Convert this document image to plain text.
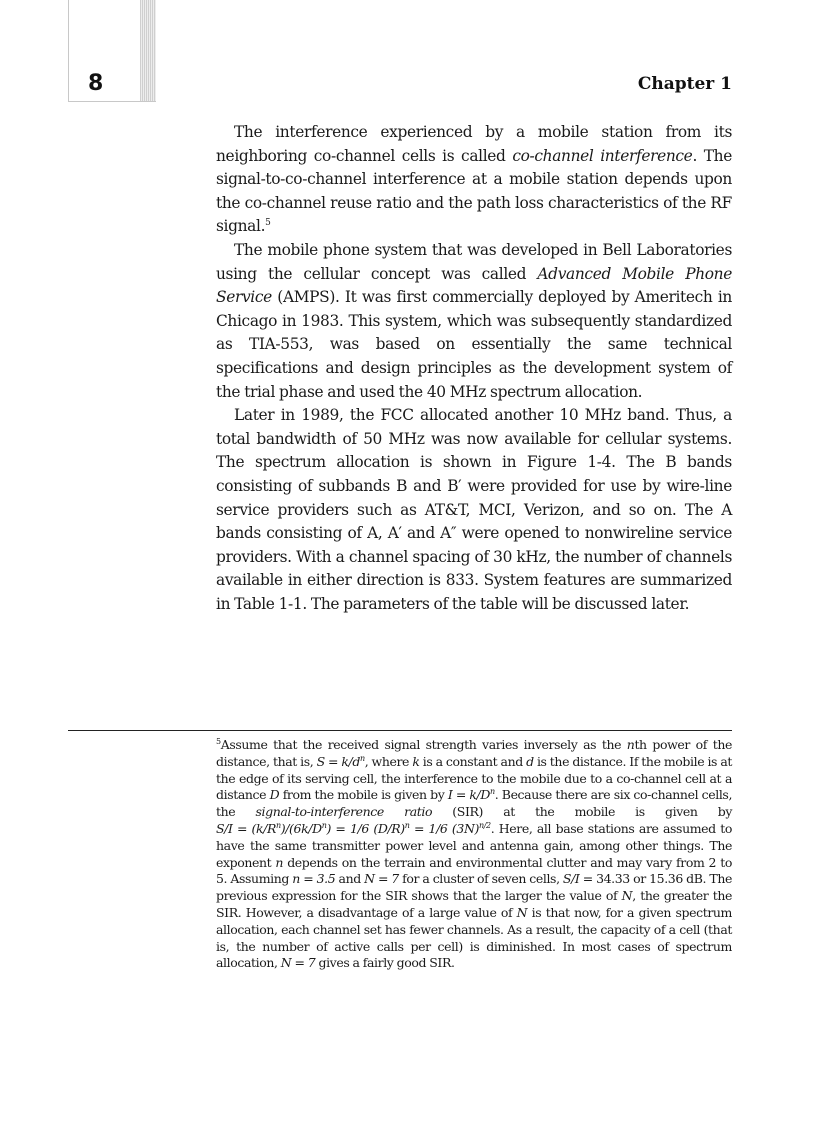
8	Chapter 1

The interference experienced by a mobile station from its neighboring co-channel cells is called co-channel interference. The signal-to-co-channel interference at a mobile station depends upon the co-channel reuse ratio and the path loss characteristics of the RF signal.$^5$

The mobile phone system that was developed in Bell Laboratories using the cellular concept was called Advanced Mobile Phone Service (AMPS). It was first commercially deployed by Ameritech in Chicago in 1983. This system, which was subsequently standardized as TIA-553, was based on essentially the same technical specifications and design principles as the development system of the trial phase and used the 40 MHz spectrum allocation.

Later in 1989, the FCC allocated another 10 MHz band. Thus, a total bandwidth of 50 MHz was now available for cellular systems. The spectrum allocation is shown in Figure 1-4. The B bands consisting of subbands B and B′ were provided for use by wire-line service providers such as AT&T, MCI, Verizon, and so on. The A bands consisting of A, A′ and A″ were opened to nonwireline service providers. With a channel spacing of 30 kHz, the number of channels available in either direction is 833. System features are summarized in Table 1-1. The parameters of the table will be discussed later.

$^5$Assume that the received signal strength varies inversely as the nth power of the distance, that is, $S = k/d^n$, where k is a constant and d is the distance. If the mobile is at the edge of its serving cell, the interference to the mobile due to a co-channel cell at a distance D from the mobile is given by $I = k/D^n$. Because there are six co-channel cells, the signal-to-interference ratio (SIR) at the mobile is given by $S/I = (k/R^n)/(6k/D^n) = 1/6$ $(D/R)^n = 1/6$ $(3N)^{n/2}$. Here, all base stations are assumed to have the same transmitter power level and antenna gain, among other things. The exponent n depends on the terrain and environmental clutter and may vary from 2 to 5. Assuming n = 3.5 and N = 7 for a cluster of seven cells, S/I = 34.33 or 15.36 dB. The previous expression for the SIR shows that the larger the value of N, the greater the SIR. However, a disadvantage of a large value of N is that now, for a given spectrum allocation, each channel set has fewer channels. As a result, the capacity of a cell (that is, the number of active calls per cell) is diminished. In most cases of spectrum allocation, N = 7 gives a fairly good SIR.
